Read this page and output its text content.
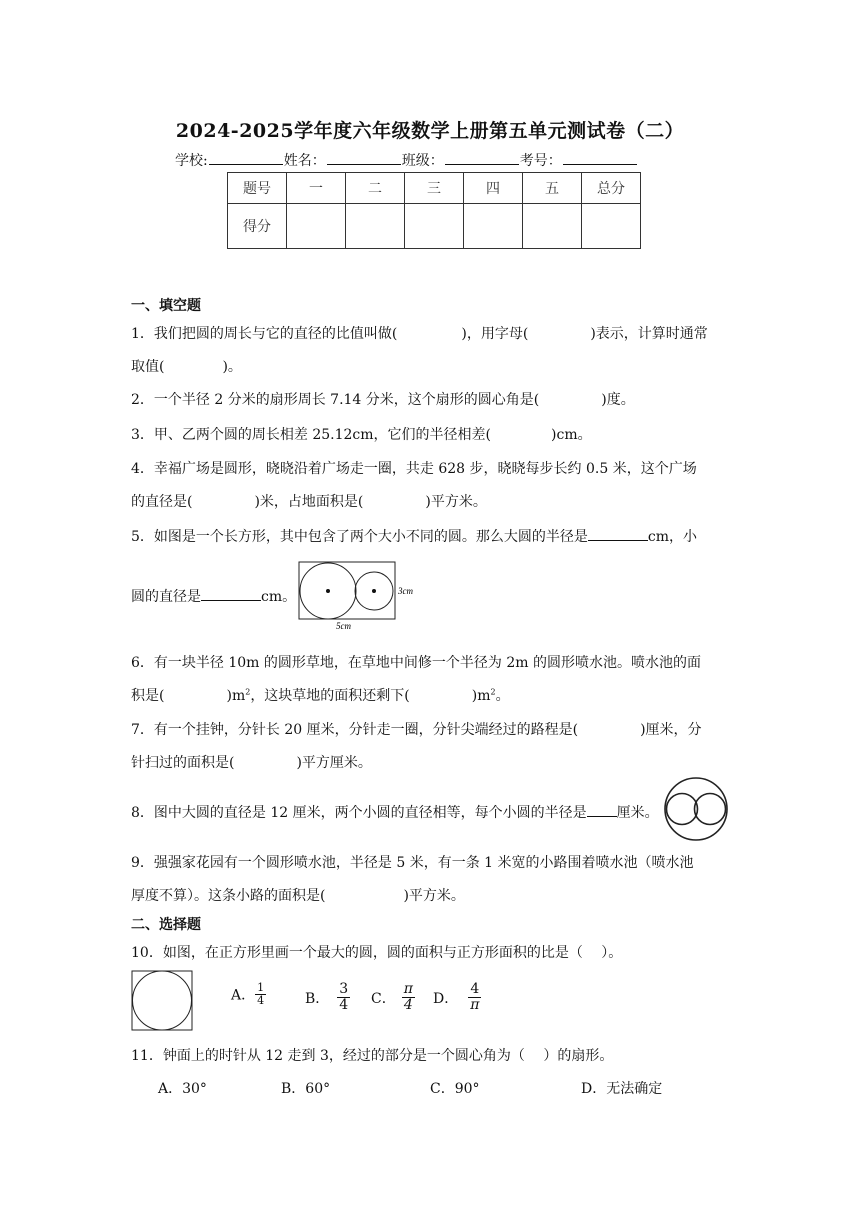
2024-2025学年度六年级数学上册第五单元测试卷（二）
学校:	姓名：	班级：	考号：
题号	一	二	三	四	五	总分
得分						
一、填空题
1．我们把圆的周长与它的直径的比值叫做(	)，用字母(	)表示，计算时通常
取值(	)。
2．一个半径 2 分米的扇形周长 7.14 分米，这个扇形的圆心角是(	)度。
3．甲、乙两个圆的周长相差 25.12cm，它们的半径相差(	)cm。
4．幸福广场是圆形，晓晓沿着广场走一圈，共走 628 步，晓晓每步长约 0.5 米，这个广场
的直径是(	)米，占地面积是(	)平方米。
5．如图是一个长方形，其中包含了两个大小不同的圆。那么大圆的半径是	cm，小
圆的直径是	cm。	3cm
5cm
6．有一块半径 10m 的圆形草地，在草地中间修一个半径为 2m 的圆形喷水池。喷水池的面
积是(	)$m^2$，这块草地的面积还剩下(	)$m^2$。
7．有一个挂钟，分针长 20 厘米，分针走一圈，分针尖端经过的路程是(	)厘米，分
针扫过的面积是(	)平方厘米。
8．图中大圆的直径是 12 厘米，两个小圆的直径相等，每个小圆的半径是 厘米。
9．强强家花园有一个圆形喷水池，半径是 5 米，有一条 1 米宽的小路围着喷水池（喷水池
厚度不算）。这条小路的面积是(	)平方米。
二、选择题
10．如图，在正方形里画一个最大的圆，圆的面积与正方形面积的比是（　 ）。
A． $\frac{1}{4}$	B． $\frac{3}{4}$ C． $\frac{\pi}{4}$ D． $\frac{4}{\pi}$
11．钟面上的时针从 12 走到 3，经过的部分是一个圆心角为（　 ）的扇形。
A．30°	B．60°	C．90°	D．无法确定
